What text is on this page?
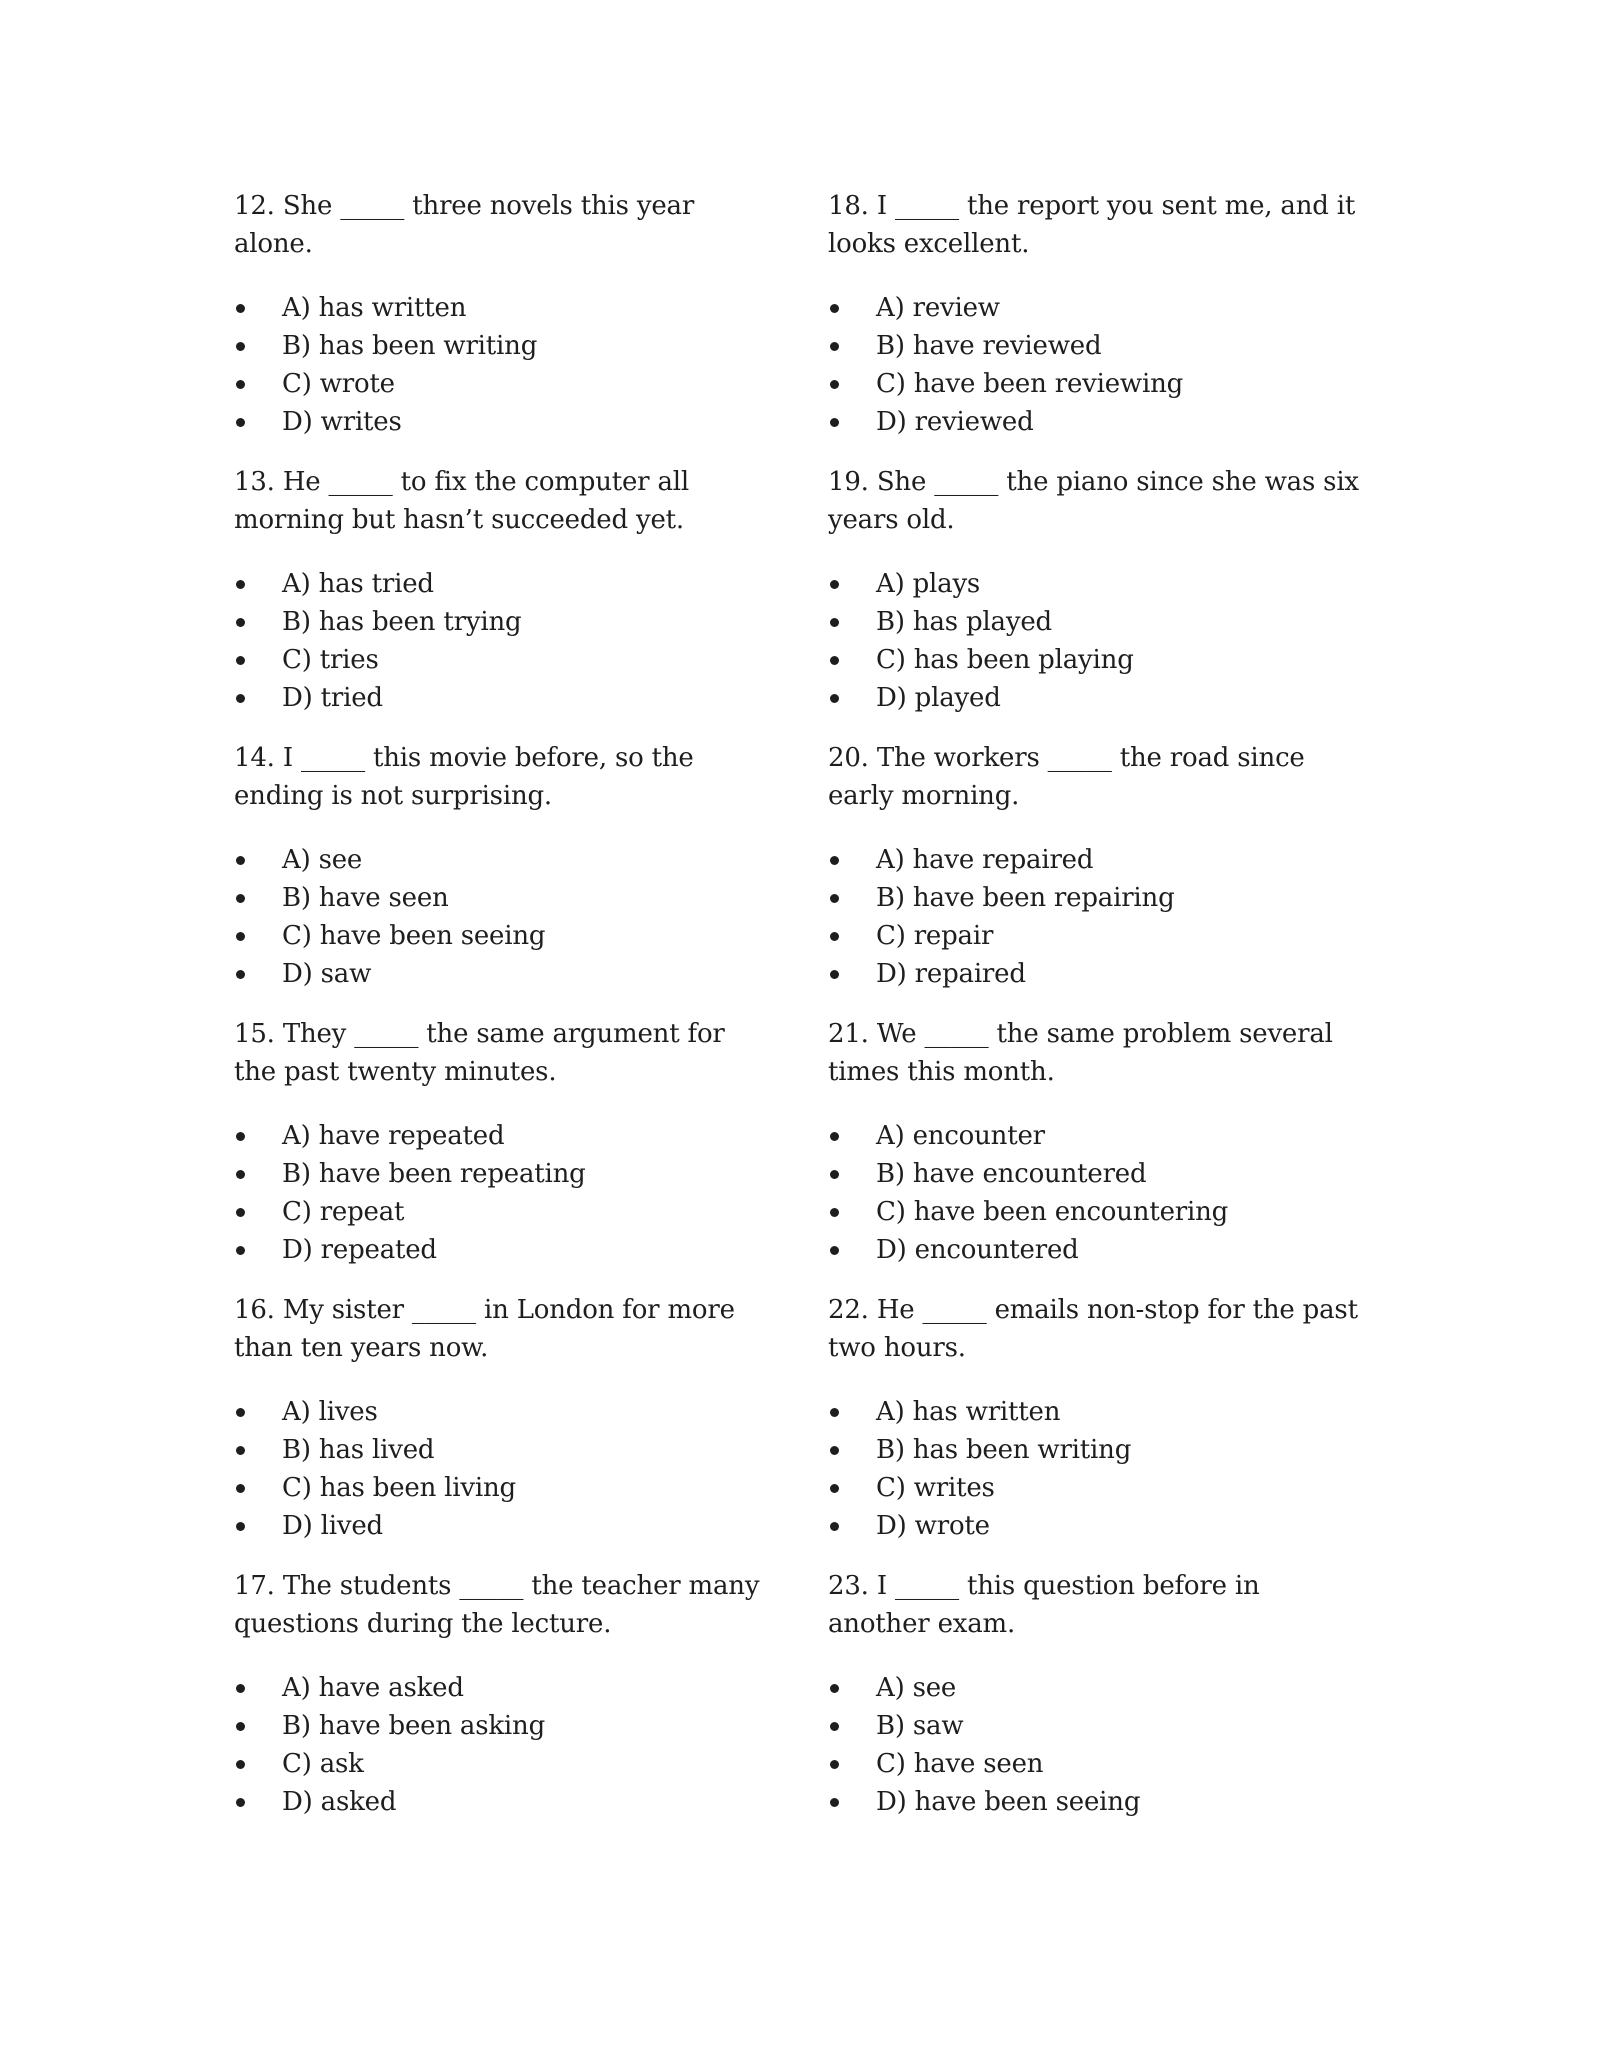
12. She _____ three novels this year alone.

A) has written
B) has been writing
C) wrote
D) writes

13. He _____ to fix the computer all morning but hasn’t succeeded yet.

A) has tried
B) has been trying
C) tries
D) tried

14. I _____ this movie before, so the ending is not surprising.

A) see
B) have seen
C) have been seeing
D) saw

15. They _____ the same argument for the past twenty minutes.

A) have repeated
B) have been repeating
C) repeat
D) repeated

16. My sister _____ in London for more than ten years now.

A) lives
B) has lived
C) has been living
D) lived

17. The students _____ the teacher many questions during the lecture.

A) have asked
B) have been asking
C) ask
D) asked

18. I _____ the report you sent me, and it looks excellent.

A) review
B) have reviewed
C) have been reviewing
D) reviewed

19. She _____ the piano since she was six years old.

A) plays
B) has played
C) has been playing
D) played

20. The workers _____ the road since early morning.

A) have repaired
B) have been repairing
C) repair
D) repaired

21. We _____ the same problem several times this month.

A) encounter
B) have encountered
C) have been encountering
D) encountered

22. He _____ emails non-stop for the past two hours.

A) has written
B) has been writing
C) writes
D) wrote

23. I _____ this question before in another exam.

A) see
B) saw
C) have seen
D) have been seeing
